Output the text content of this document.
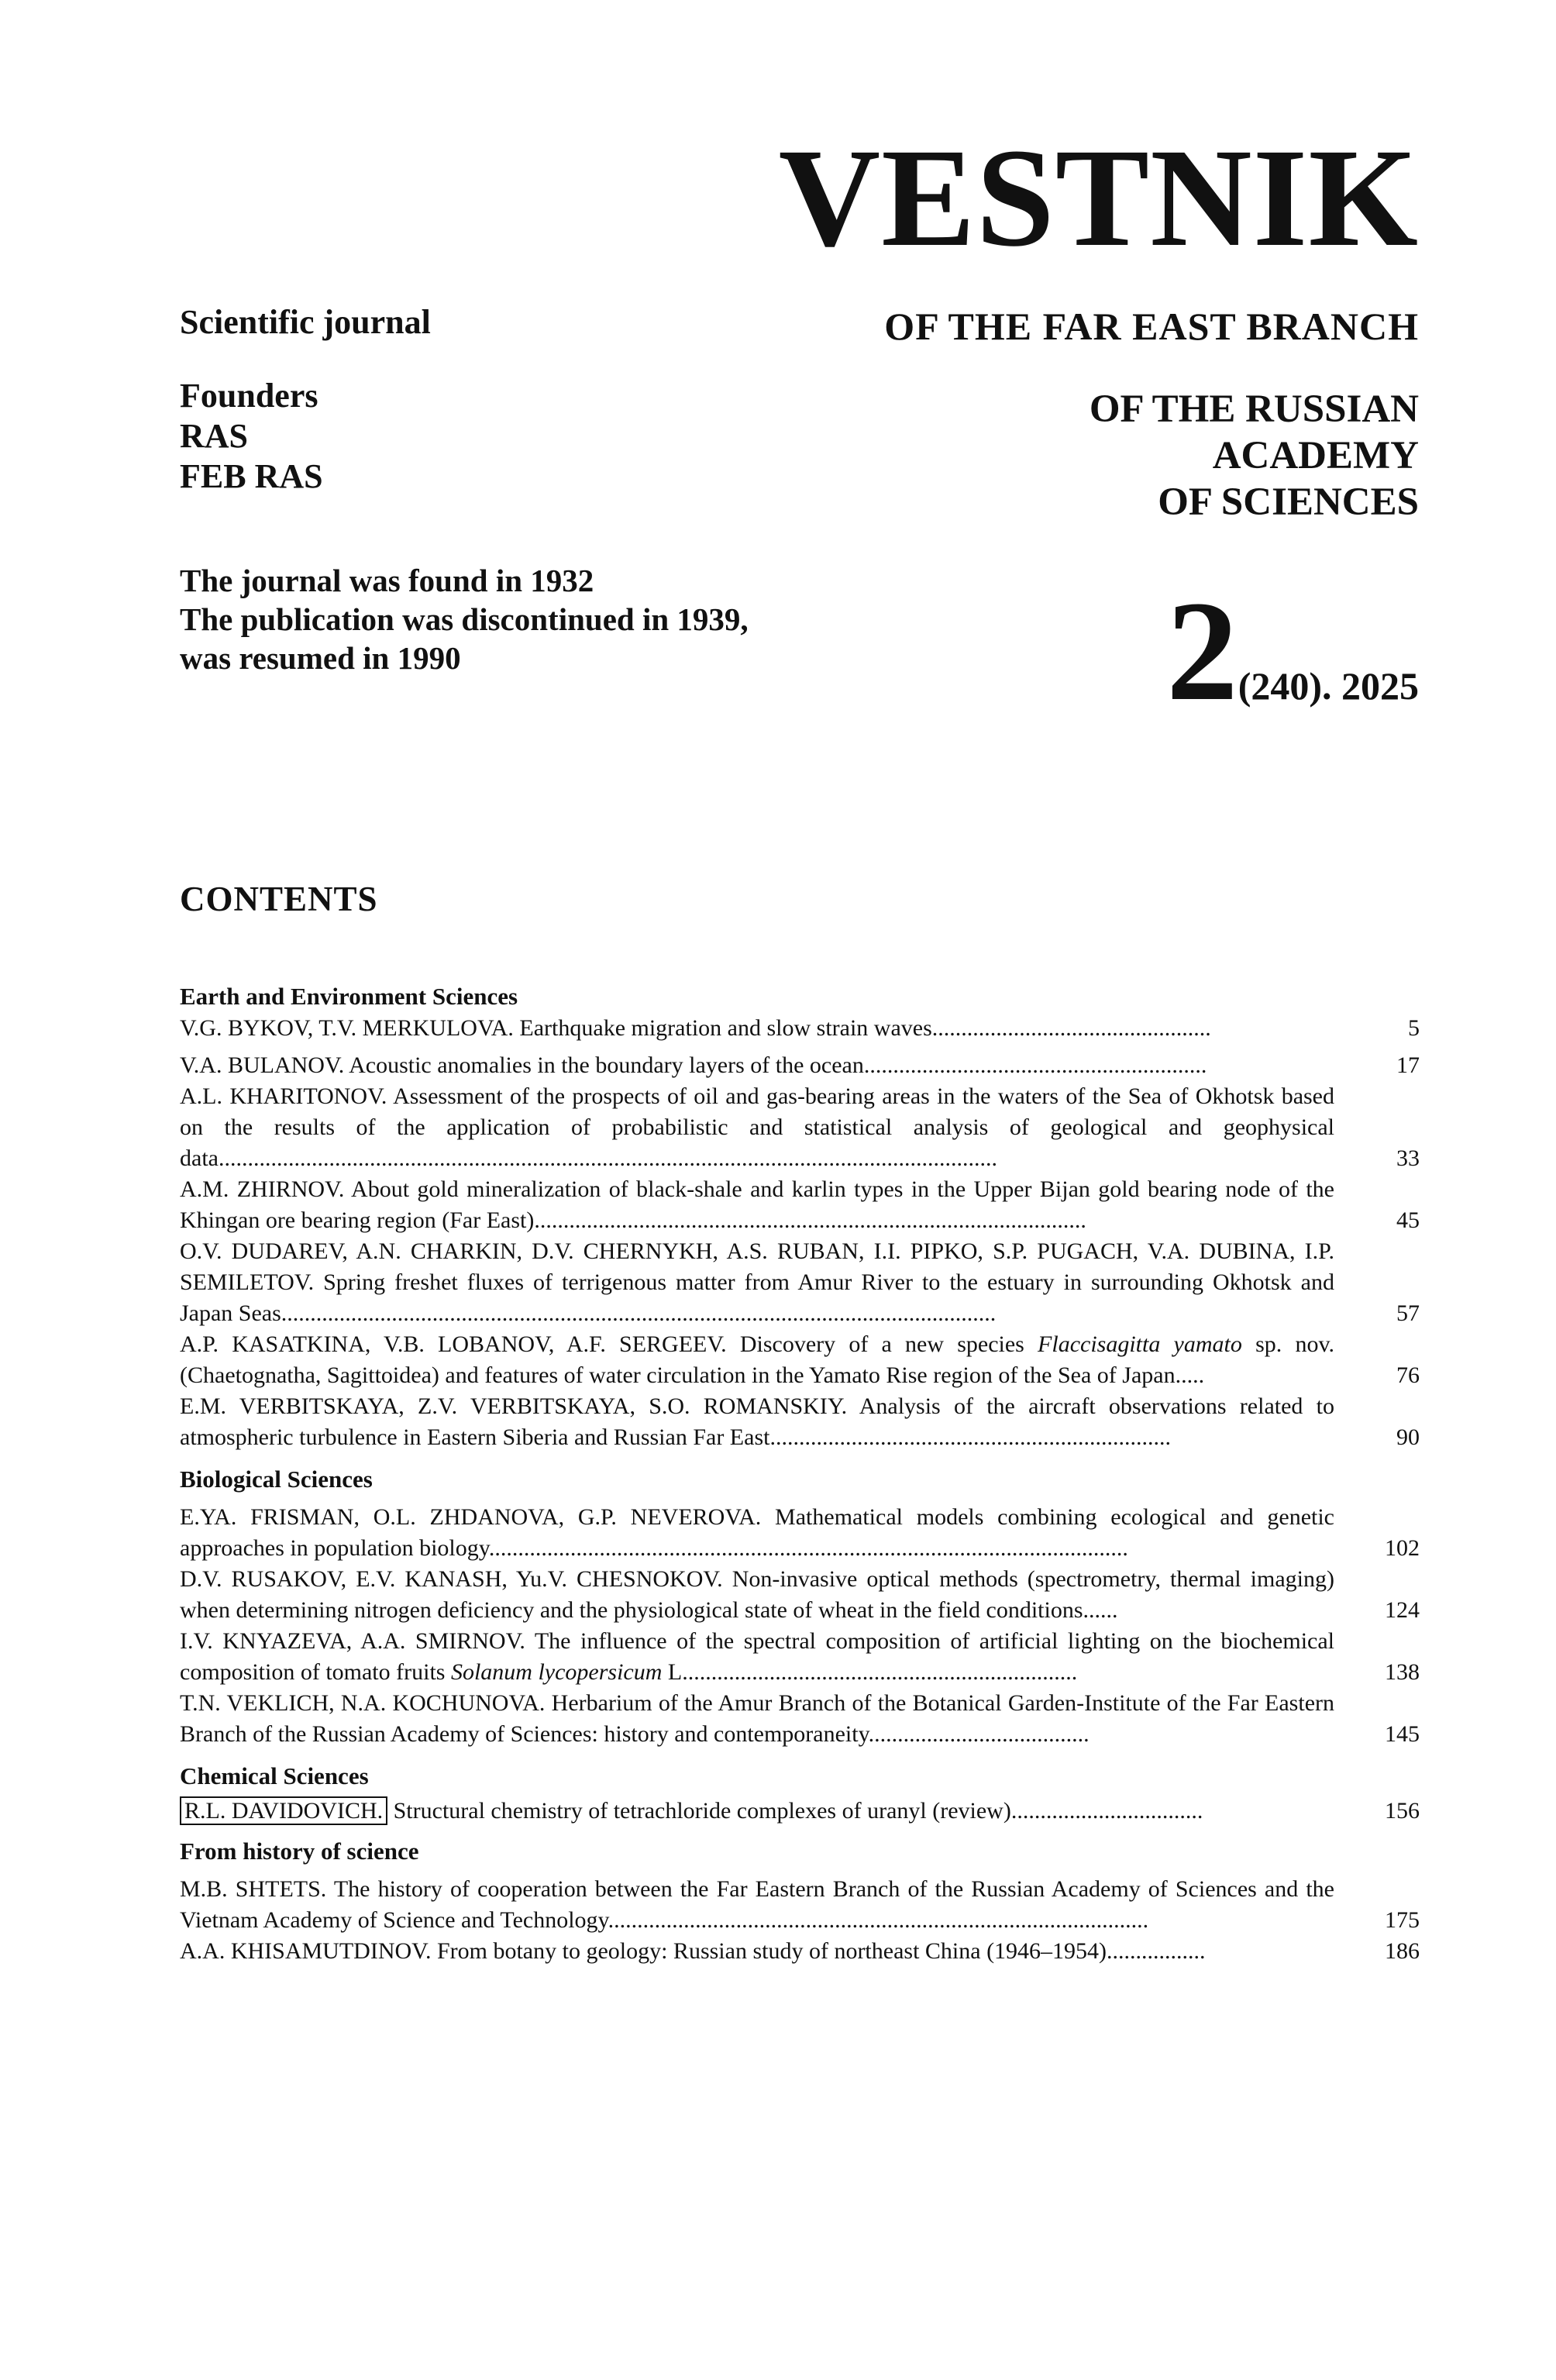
VESTNIK
OF THE FAR EAST BRANCH
OF THE RUSSIAN
ACADEMY
OF SCIENCES
2(240). 2025
Scientific journal
Founders
RAS
FEB RAS
The journal was found in 1932
The publication was discontinued in 1939,
was resumed in 1990
CONTENTS
Earth and Environment Sciences
V.G. BYKOV, T.V. MERKULOVA. Earthquake migration and slow strain waves................................................	5
V.A. BULANOV. Acoustic anomalies in the boundary layers of the ocean...........................................................	17
A.L. KHARITONOV. Assessment of the prospects of oil and gas-bearing areas in the waters of the Sea of Okhotsk based on the results of the application of probabilistic and statistical analysis of geological and geophysical data......................................................................................................................................	33
A.M. ZHIRNOV. About gold mineralization of black-shale and karlin types in the Upper Bijan gold bearing node of the Khingan ore bearing region (Far East)...............................................................................................	45
O.V. DUDAREV, A.N. CHARKIN, D.V. CHERNYKH, A.S. RUBAN, I.I. PIPKO, S.P. PUGACH, V.A. DUBINA, I.P. SEMILETOV. Spring freshet fluxes of terrigenous matter from Amur River to the estuary in surrounding Okhotsk and Japan Seas...........................................................................................................................	57
A.P. KASATKINA, V.B. LOBANOV, A.F. SERGEEV. Discovery of a new species Flaccisagitta yamato sp. nov. (Chaetognatha, Sagittoidea) and features of water circulation in the Yamato Rise region of the Sea of Japan.....	76
E.M. VERBITSKAYA, Z.V. VERBITSKAYA, S.O. ROMANSKIY. Analysis of the aircraft observations related to atmospheric turbulence in Eastern Siberia and Russian Far East.....................................................................	90
Biological Sciences
E.YA. FRISMAN, O.L. ZHDANOVA, G.P. NEVEROVA. Mathematical models combining ecological and genetic approaches in population biology..............................................................................................................	102
D.V. RUSAKOV, E.V. KANASH, Yu.V. CHESNOKOV. Non-invasive optical methods (spectrometry, thermal imaging) when determining nitrogen deficiency and the physiological state of wheat in the field conditions......	124
I.V. KNYAZEVA, A.A. SMIRNOV. The influence of the spectral composition of artificial lighting on the biochemical composition of tomato fruits Solanum lycopersicum L....................................................................	138
T.N. VEKLICH, N.A. KOCHUNOVA. Herbarium of the Amur Branch of the Botanical Garden-Institute of the Far Eastern Branch of the Russian Academy of Sciences: history and contemporaneity......................................	145
Chemical Sciences
R.L. DAVIDOVICH. Structural chemistry of tetrachloride complexes of uranyl (review).................................	156
From history of science
M.B. SHTETS. The history of cooperation between the Far Eastern Branch of the Russian Academy of Sciences and the Vietnam Academy of Science and Technology.............................................................................................	175
A.A. KHISAMUTDINOV. From botany to geology: Russian study of northeast China (1946–1954).................	186
